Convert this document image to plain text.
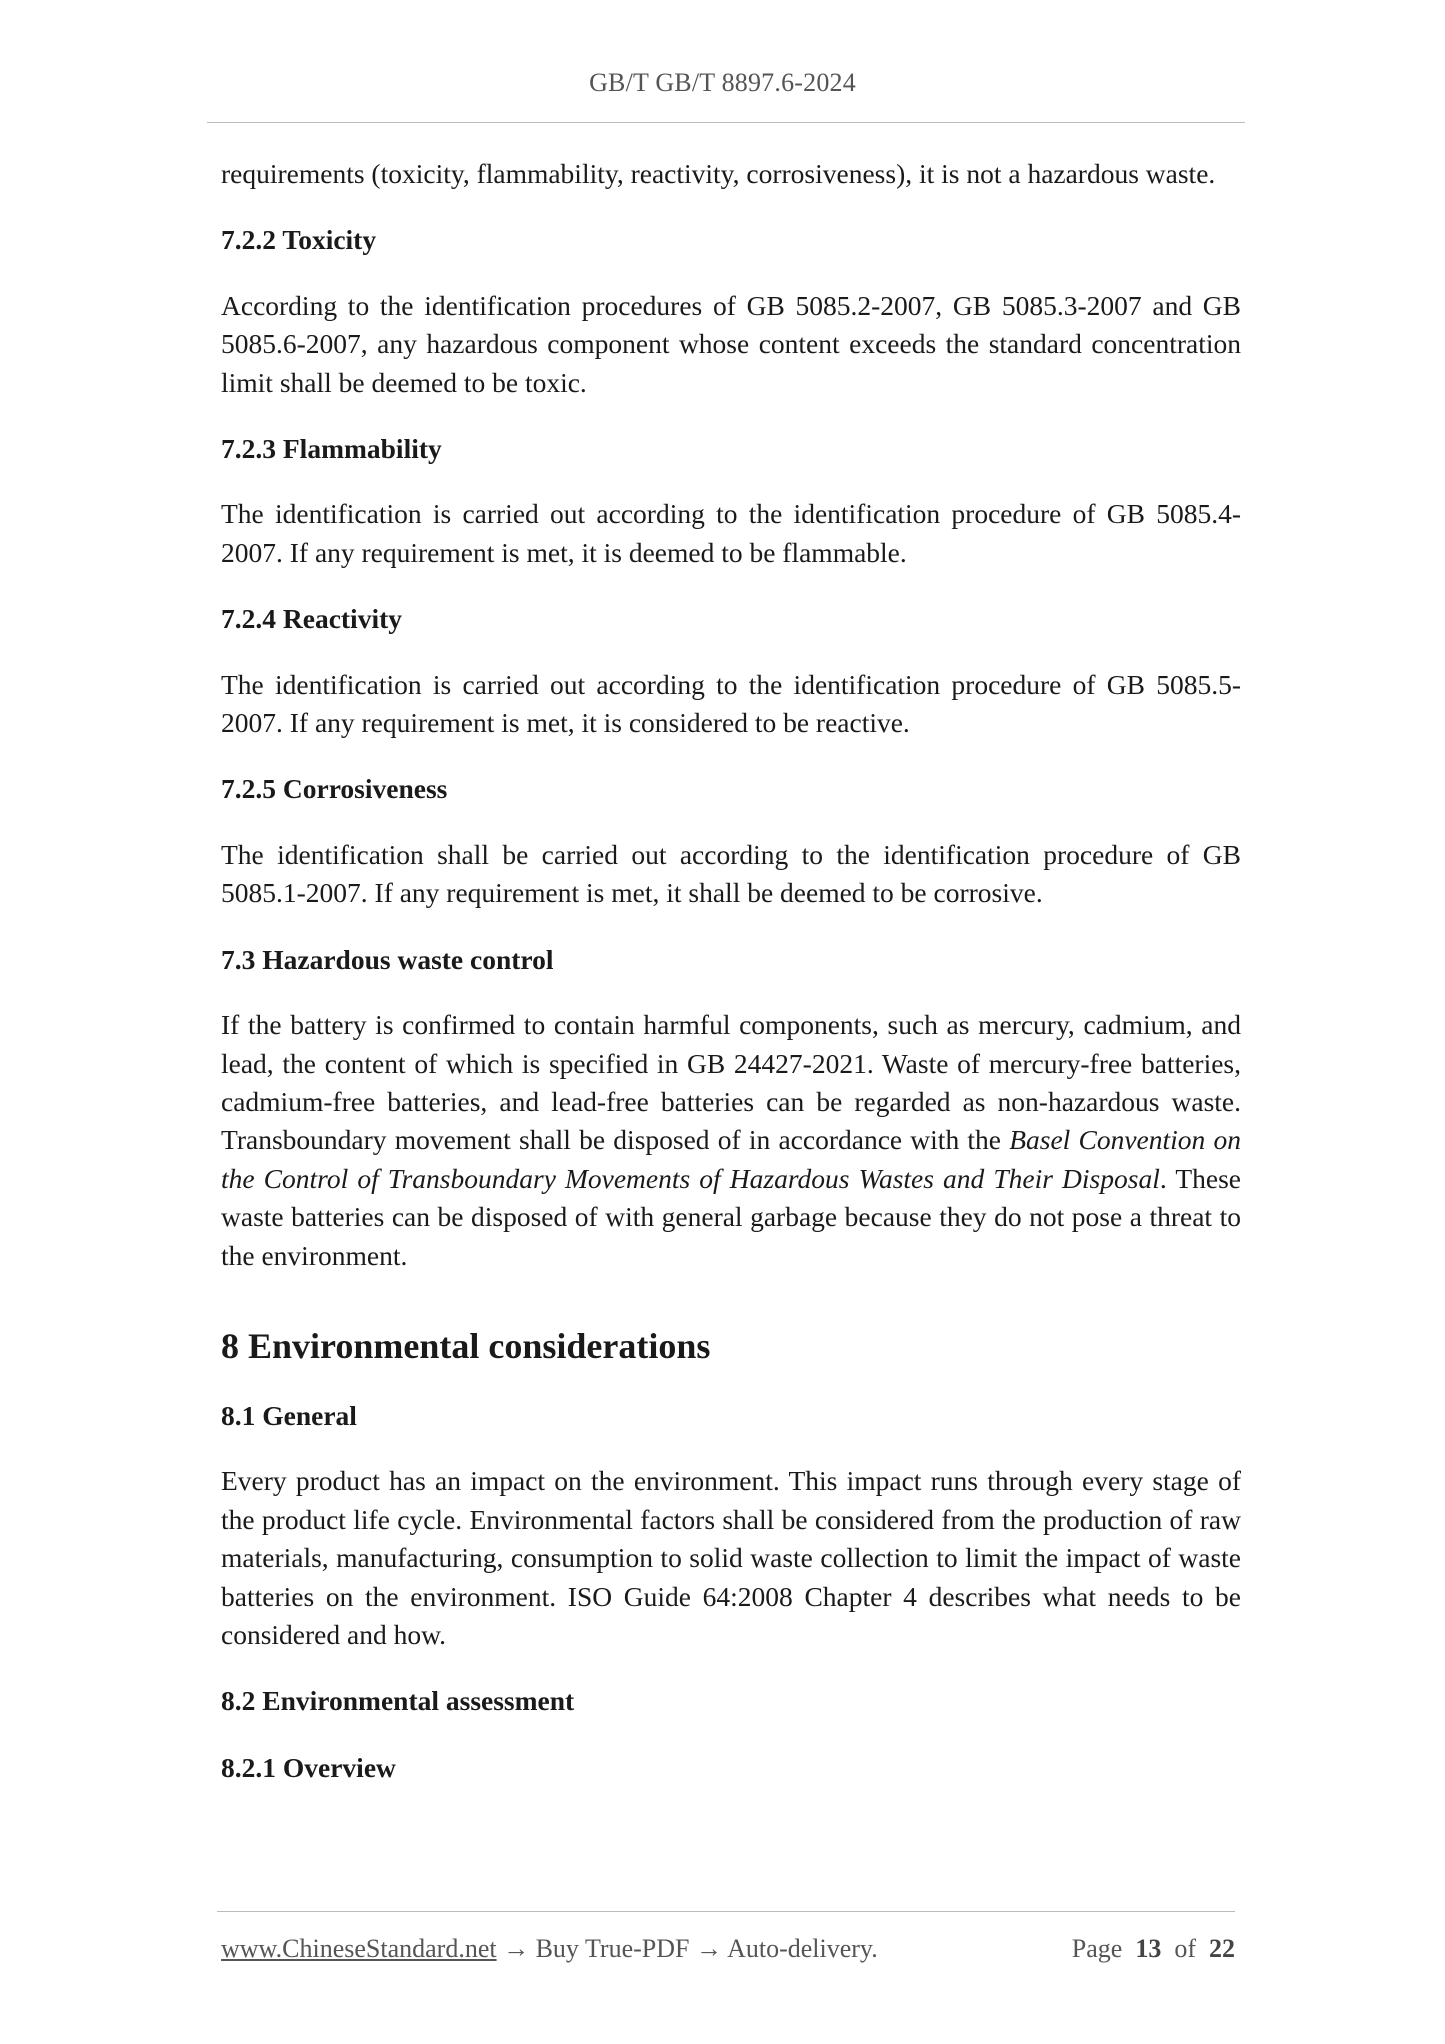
GB/T GB/T 8897.6-2024

requirements (toxicity, flammability, reactivity, corrosiveness), it is not a hazardous waste.

7.2.2 Toxicity

According to the identification procedures of GB 5085.2-2007, GB 5085.3-2007 and GB 5085.6-2007, any hazardous component whose content exceeds the standard concentration limit shall be deemed to be toxic.

7.2.3 Flammability

The identification is carried out according to the identification procedure of GB 5085.4-2007. If any requirement is met, it is deemed to be flammable.

7.2.4 Reactivity

The identification is carried out according to the identification procedure of GB 5085.5-2007. If any requirement is met, it is considered to be reactive.

7.2.5 Corrosiveness

The identification shall be carried out according to the identification procedure of GB 5085.1-2007. If any requirement is met, it shall be deemed to be corrosive.

7.3 Hazardous waste control

If the battery is confirmed to contain harmful components, such as mercury, cadmium, and lead, the content of which is specified in GB 24427-2021. Waste of mercury-free batteries, cadmium-free batteries, and lead-free batteries can be regarded as non-hazardous waste. Transboundary movement shall be disposed of in accordance with the Basel Convention on the Control of Transboundary Movements of Hazardous Wastes and Their Disposal. These waste batteries can be disposed of with general garbage because they do not pose a threat to the environment.

8 Environmental considerations
8.1 General

Every product has an impact on the environment. This impact runs through every stage of the product life cycle. Environmental factors shall be considered from the production of raw materials, manufacturing, consumption to solid waste collection to limit the impact of waste batteries on the environment. ISO Guide 64:2008 Chapter 4 describes what needs to be considered and how.

8.2 Environmental assessment
8.2.1 Overview
www.ChineseStandard.net → Buy True-PDF → Auto-delivery.	Page 13 of 22
